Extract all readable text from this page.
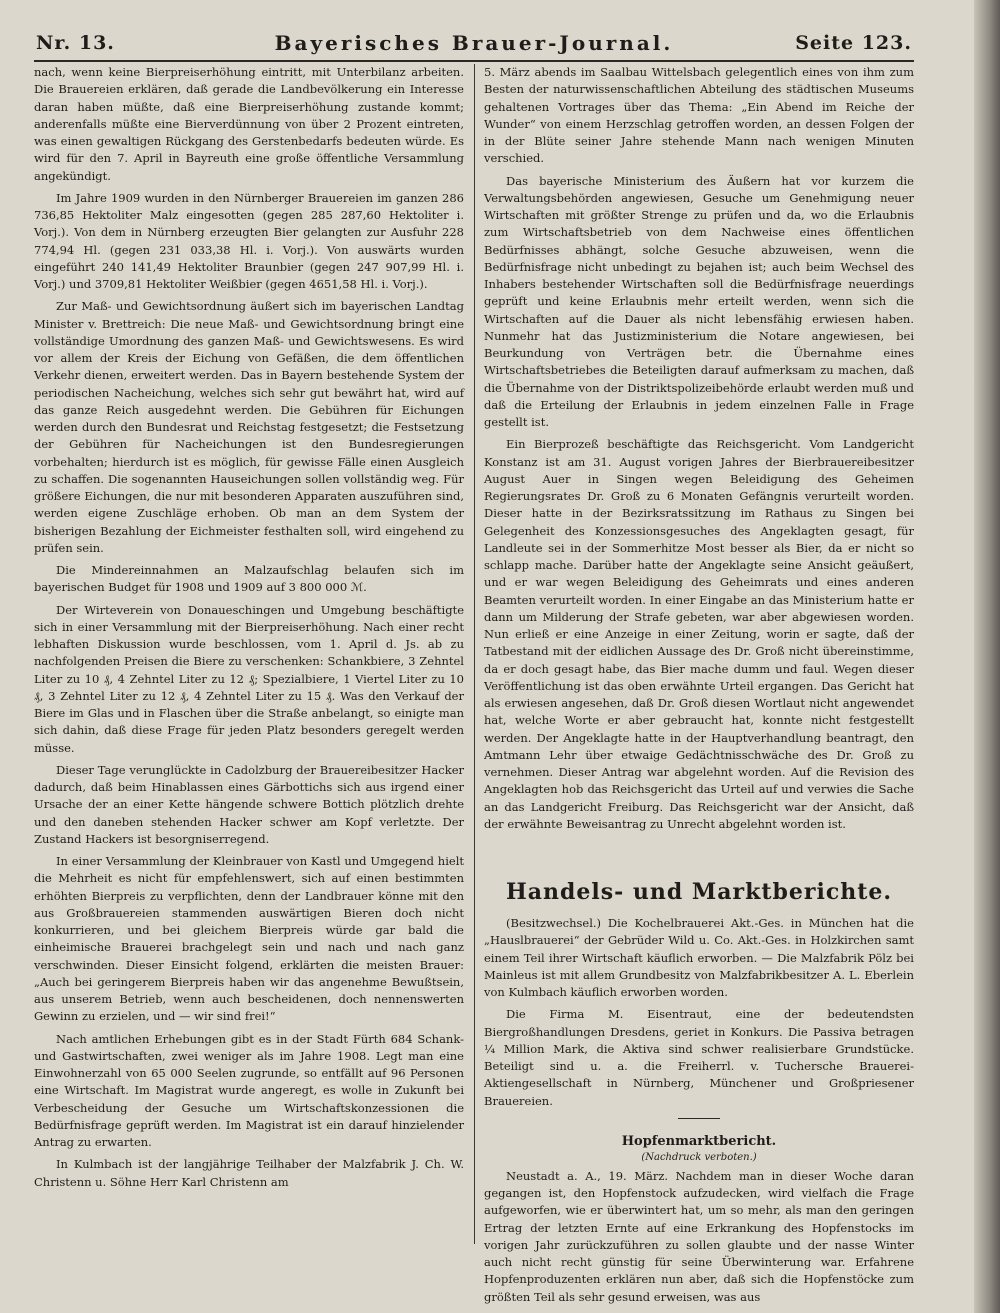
Nr. 13.	Bayerisches Brauer-Journal.	Seite 123.

nach, wenn keine Bierpreiserhöhung eintritt, mit Unterbilanz arbeiten. Die Brauereien erklären, daß gerade die Landbevölkerung ein Interesse daran haben müßte, daß eine Bierpreiserhöhung zustande kommt; anderenfalls müßte eine Bierverdünnung von über 2 Prozent eintreten, was einen gewaltigen Rückgang des Gerstenbedarfs bedeuten würde. Es wird für den 7. April in Bayreuth eine große öffentliche Versammlung angekündigt.

Im Jahre 1909 wurden in den Nürnberger Brauereien im ganzen 286 736,85 Hektoliter Malz eingesotten (gegen 285 287,60 Hektoliter i. Vorj.). Von dem in Nürnberg erzeugten Bier gelangten zur Ausfuhr 228 774,94 Hl. (gegen 231 033,38 Hl. i. Vorj.). Von auswärts wurden eingeführt 240 141,49 Hektoliter Braunbier (gegen 247 907,99 Hl. i. Vorj.) und 3709,81 Hektoliter Weißbier (gegen 4651,58 Hl. i. Vorj.).

Zur Maß- und Gewichtsordnung äußert sich im bayerischen Landtag Minister v. Brettreich: Die neue Maß- und Gewichtsordnung bringt eine vollständige Umordnung des ganzen Maß- und Gewichtswesens. Es wird vor allem der Kreis der Eichung von Gefäßen, die dem öffentlichen Verkehr dienen, erweitert werden. Das in Bayern bestehende System der periodischen Nacheichung, welches sich sehr gut bewährt hat, wird auf das ganze Reich ausgedehnt werden. Die Gebühren für Eichungen werden durch den Bundesrat und Reichstag festgesetzt; die Festsetzung der Gebühren für Nacheichungen ist den Bundesregierungen vorbehalten; hierdurch ist es möglich, für gewisse Fälle einen Ausgleich zu schaffen. Die sogenannten Hauseichungen sollen vollständig weg. Für größere Eichungen, die nur mit besonderen Apparaten auszuführen sind, werden eigene Zuschläge erhoben. Ob man an dem System der bisherigen Bezahlung der Eichmeister festhalten soll, wird eingehend zu prüfen sein.

Die Mindereinnahmen an Malzaufschlag belaufen sich im bayerischen Budget für 1908 und 1909 auf 3 800 000 ℳ.

Der Wirteverein von Donaueschingen und Umgebung beschäftigte sich in einer Versammlung mit der Bierpreiserhöhung. Nach einer recht lebhaften Diskussion wurde beschlossen, vom 1. April d. Js. ab zu nachfolgenden Preisen die Biere zu verschenken: Schankbiere, 3 Zehntel Liter zu 10 ₰, 4 Zehntel Liter zu 12 ₰; Spezialbiere, 1 Viertel Liter zu 10 ₰, 3 Zehntel Liter zu 12 ₰, 4 Zehntel Liter zu 15 ₰. Was den Verkauf der Biere im Glas und in Flaschen über die Straße anbelangt, so einigte man sich dahin, daß diese Frage für jeden Platz besonders geregelt werden müsse.

Dieser Tage verunglückte in Cadolzburg der Brauereibesitzer Hacker dadurch, daß beim Hinablassen eines Gärbottichs sich aus irgend einer Ursache der an einer Kette hängende schwere Bottich plötzlich drehte und den daneben stehenden Hacker schwer am Kopf verletzte. Der Zustand Hackers ist besorgniserregend.

In einer Versammlung der Kleinbrauer von Kastl und Umgegend hielt die Mehrheit es nicht für empfehlenswert, sich auf einen bestimmten erhöhten Bierpreis zu verpflichten, denn der Landbrauer könne mit den aus Großbrauereien stammenden auswärtigen Bieren doch nicht konkurrieren, und bei gleichem Bierpreis würde gar bald die einheimische Brauerei brachgelegt sein und nach und nach ganz verschwinden. Dieser Einsicht folgend, erklärten die meisten Brauer: „Auch bei geringerem Bierpreis haben wir das angenehme Bewußtsein, aus unserem Betrieb, wenn auch bescheidenen, doch nennenswerten Gewinn zu erzielen, und — wir sind frei!“

Nach amtlichen Erhebungen gibt es in der Stadt Fürth 684 Schank- und Gastwirtschaften, zwei weniger als im Jahre 1908. Legt man eine Einwohnerzahl von 65 000 Seelen zugrunde, so entfällt auf 96 Personen eine Wirtschaft. Im Magistrat wurde angeregt, es wolle in Zukunft bei Verbescheidung der Gesuche um Wirtschaftskonzessionen die Bedürfnisfrage geprüft werden. Im Magistrat ist ein darauf hinzielender Antrag zu erwarten.

In Kulmbach ist der langjährige Teilhaber der Malzfabrik J. Ch. W. Christenn u. Söhne Herr Karl Christenn am

5. März abends im Saalbau Wittelsbach gelegentlich eines von ihm zum Besten der naturwissenschaftlichen Abteilung des städtischen Museums gehaltenen Vortrages über das Thema: „Ein Abend im Reiche der Wunder“ von einem Herzschlag getroffen worden, an dessen Folgen der in der Blüte seiner Jahre stehende Mann nach wenigen Minuten verschied.

Das bayerische Ministerium des Äußern hat vor kurzem die Verwaltungsbehörden angewiesen, Gesuche um Genehmigung neuer Wirtschaften mit größter Strenge zu prüfen und da, wo die Erlaubnis zum Wirtschaftsbetrieb von dem Nachweise eines öffentlichen Bedürfnisses abhängt, solche Gesuche abzuweisen, wenn die Bedürfnisfrage nicht unbedingt zu bejahen ist; auch beim Wechsel des Inhabers bestehender Wirtschaften soll die Bedürfnisfrage neuerdings geprüft und keine Erlaubnis mehr erteilt werden, wenn sich die Wirtschaften auf die Dauer als nicht lebensfähig erwiesen haben. Nunmehr hat das Justizministerium die Notare angewiesen, bei Beurkundung von Verträgen betr. die Übernahme eines Wirtschaftsbetriebes die Beteiligten darauf aufmerksam zu machen, daß die Übernahme von der Distriktspolizeibehörde erlaubt werden muß und daß die Erteilung der Erlaubnis in jedem einzelnen Falle in Frage gestellt ist.

Ein Bierprozeß beschäftigte das Reichsgericht. Vom Landgericht Konstanz ist am 31. August vorigen Jahres der Bierbrauereibesitzer August Auer in Singen wegen Beleidigung des Geheimen Regierungsrates Dr. Groß zu 6 Monaten Gefängnis verurteilt worden. Dieser hatte in der Bezirksratssitzung im Rathaus zu Singen bei Gelegenheit des Konzessionsgesuches des Angeklagten gesagt, für Landleute sei in der Sommerhitze Most besser als Bier, da er nicht so schlapp mache. Darüber hatte der Angeklagte seine Ansicht geäußert, und er war wegen Beleidigung des Geheimrats und eines anderen Beamten verurteilt worden. In einer Eingabe an das Ministerium hatte er dann um Milderung der Strafe gebeten, war aber abgewiesen worden. Nun erließ er eine Anzeige in einer Zeitung, worin er sagte, daß der Tatbestand mit der eidlichen Aussage des Dr. Groß nicht übereinstimme, da er doch gesagt habe, das Bier mache dumm und faul. Wegen dieser Veröffentlichung ist das oben erwähnte Urteil ergangen. Das Gericht hat als erwiesen angesehen, daß Dr. Groß diesen Wortlaut nicht angewendet hat, welche Worte er aber gebraucht hat, konnte nicht festgestellt werden. Der Angeklagte hatte in der Hauptverhandlung beantragt, den Amtmann Lehr über etwaige Gedächtnisschwäche des Dr. Groß zu vernehmen. Dieser Antrag war abgelehnt worden. Auf die Revision des Angeklagten hob das Reichsgericht das Urteil auf und verwies die Sache an das Landgericht Freiburg. Das Reichsgericht war der Ansicht, daß der erwähnte Beweisantrag zu Unrecht abgelehnt worden ist.

Handels- und Marktberichte.

(Besitzwechsel.) Die Kochelbrauerei Akt.-Ges. in München hat die „Hauslbrauerei“ der Gebrüder Wild u. Co. Akt.-Ges. in Holzkirchen samt einem Teil ihrer Wirtschaft käuflich erworben. — Die Malzfabrik Pölz bei Mainleus ist mit allem Grundbesitz von Malzfabrikbesitzer A. L. Eberlein von Kulmbach käuflich erworben worden.

Die Firma M. Eisentraut, eine der bedeutendsten Biergroßhandlungen Dresdens, geriet in Konkurs. Die Passiva betragen ¼ Million Mark, die Aktiva sind schwer realisierbare Grundstücke. Beteiligt sind u. a. die Freiherrl. v. Tuchersche Brauerei-Aktiengesellschaft in Nürnberg, Münchener und Großpriesener Brauereien.

Hopfenmarktbericht.
(Nachdruck verboten.)

Neustadt a. A., 19. März. Nachdem man in dieser Woche daran gegangen ist, den Hopfenstock aufzudecken, wird vielfach die Frage aufgeworfen, wie er überwintert hat, um so mehr, als man den geringen Ertrag der letzten Ernte auf eine Erkrankung des Hopfenstocks im vorigen Jahr zurückzuführen zu sollen glaubte und der nasse Winter auch nicht recht günstig für seine Überwinterung war. Erfahrene Hopfenproduzenten erklären nun aber, daß sich die Hopfenstöcke zum größten Teil als sehr gesund erweisen, was aus
